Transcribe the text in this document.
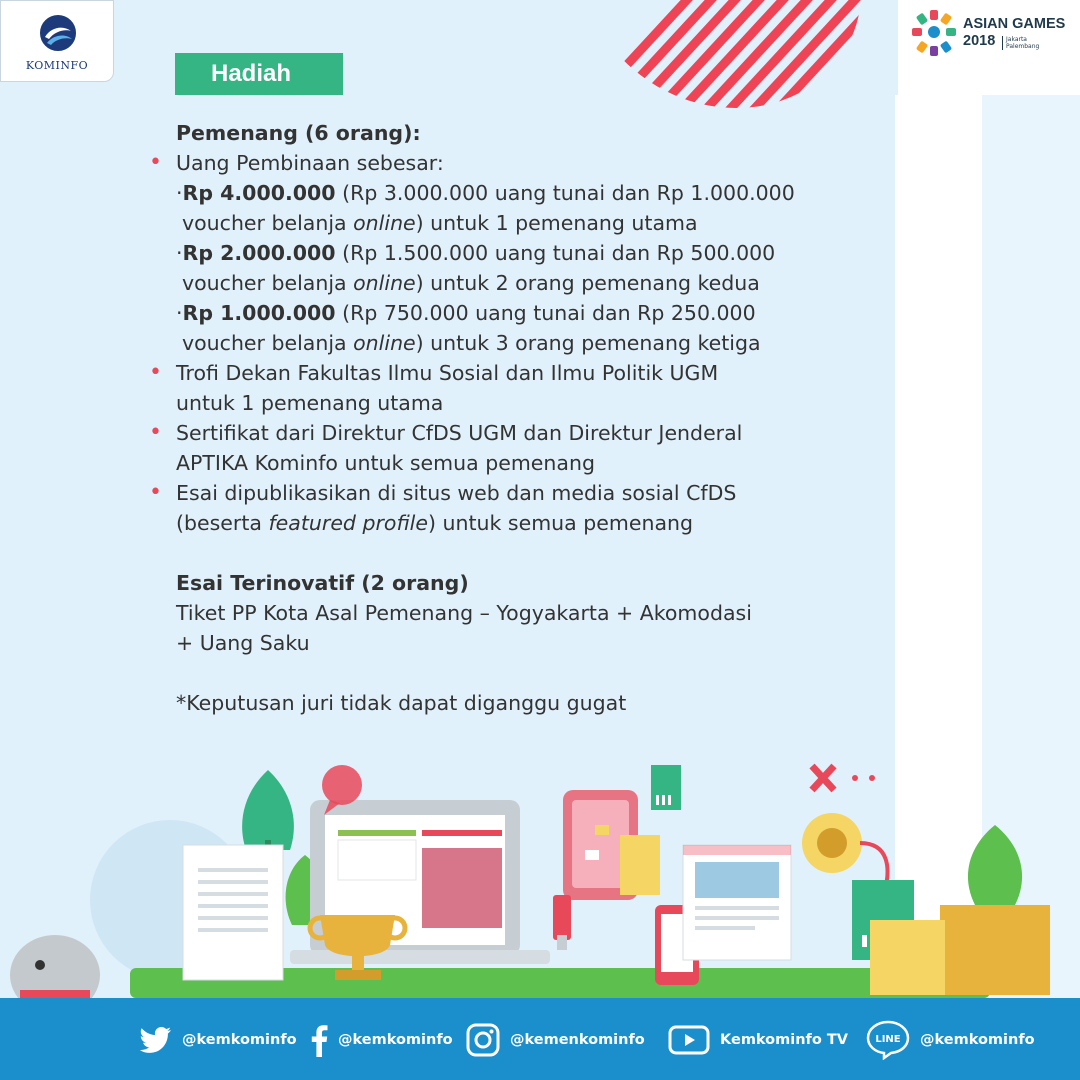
Hadiah
Pemenang (6 orang):
• Uang Pembinaan sebesar:
·Rp 4.000.000 (Rp 3.000.000 uang tunai dan Rp 1.000.000
voucher belanja online) untuk 1 pemenang utama
·Rp 2.000.000 (Rp 1.500.000 uang tunai dan Rp 500.000
voucher belanja online) untuk 2 orang pemenang kedua
·Rp 1.000.000 (Rp 750.000 uang tunai dan Rp 250.000
voucher belanja online) untuk 3 orang pemenang ketiga
• Trofi Dekan Fakultas Ilmu Sosial dan Ilmu Politik UGM
untuk 1 pemenang utama
• Sertifikat dari Direktur CfDS UGM dan Direktur Jenderal
APTIKA Kominfo untuk semua pemenang
• Esai dipublikasikan di situs web dan media sosial CfDS
(beserta featured profile) untuk semua pemenang
Esai Terinovatif (2 orang)
Tiket PP Kota Asal Pemenang – Yogyakarta + Akomodasi
+ Uang Saku
*Keputusan juri tidak dapat diganggu gugat
KOMINFO
ASIAN GAMES
2018	Jakarta Palembang
@kemkominfo	@kemkominfo	@kemenkominfo	Kemkominfo TV	LINE @kemkominfo
